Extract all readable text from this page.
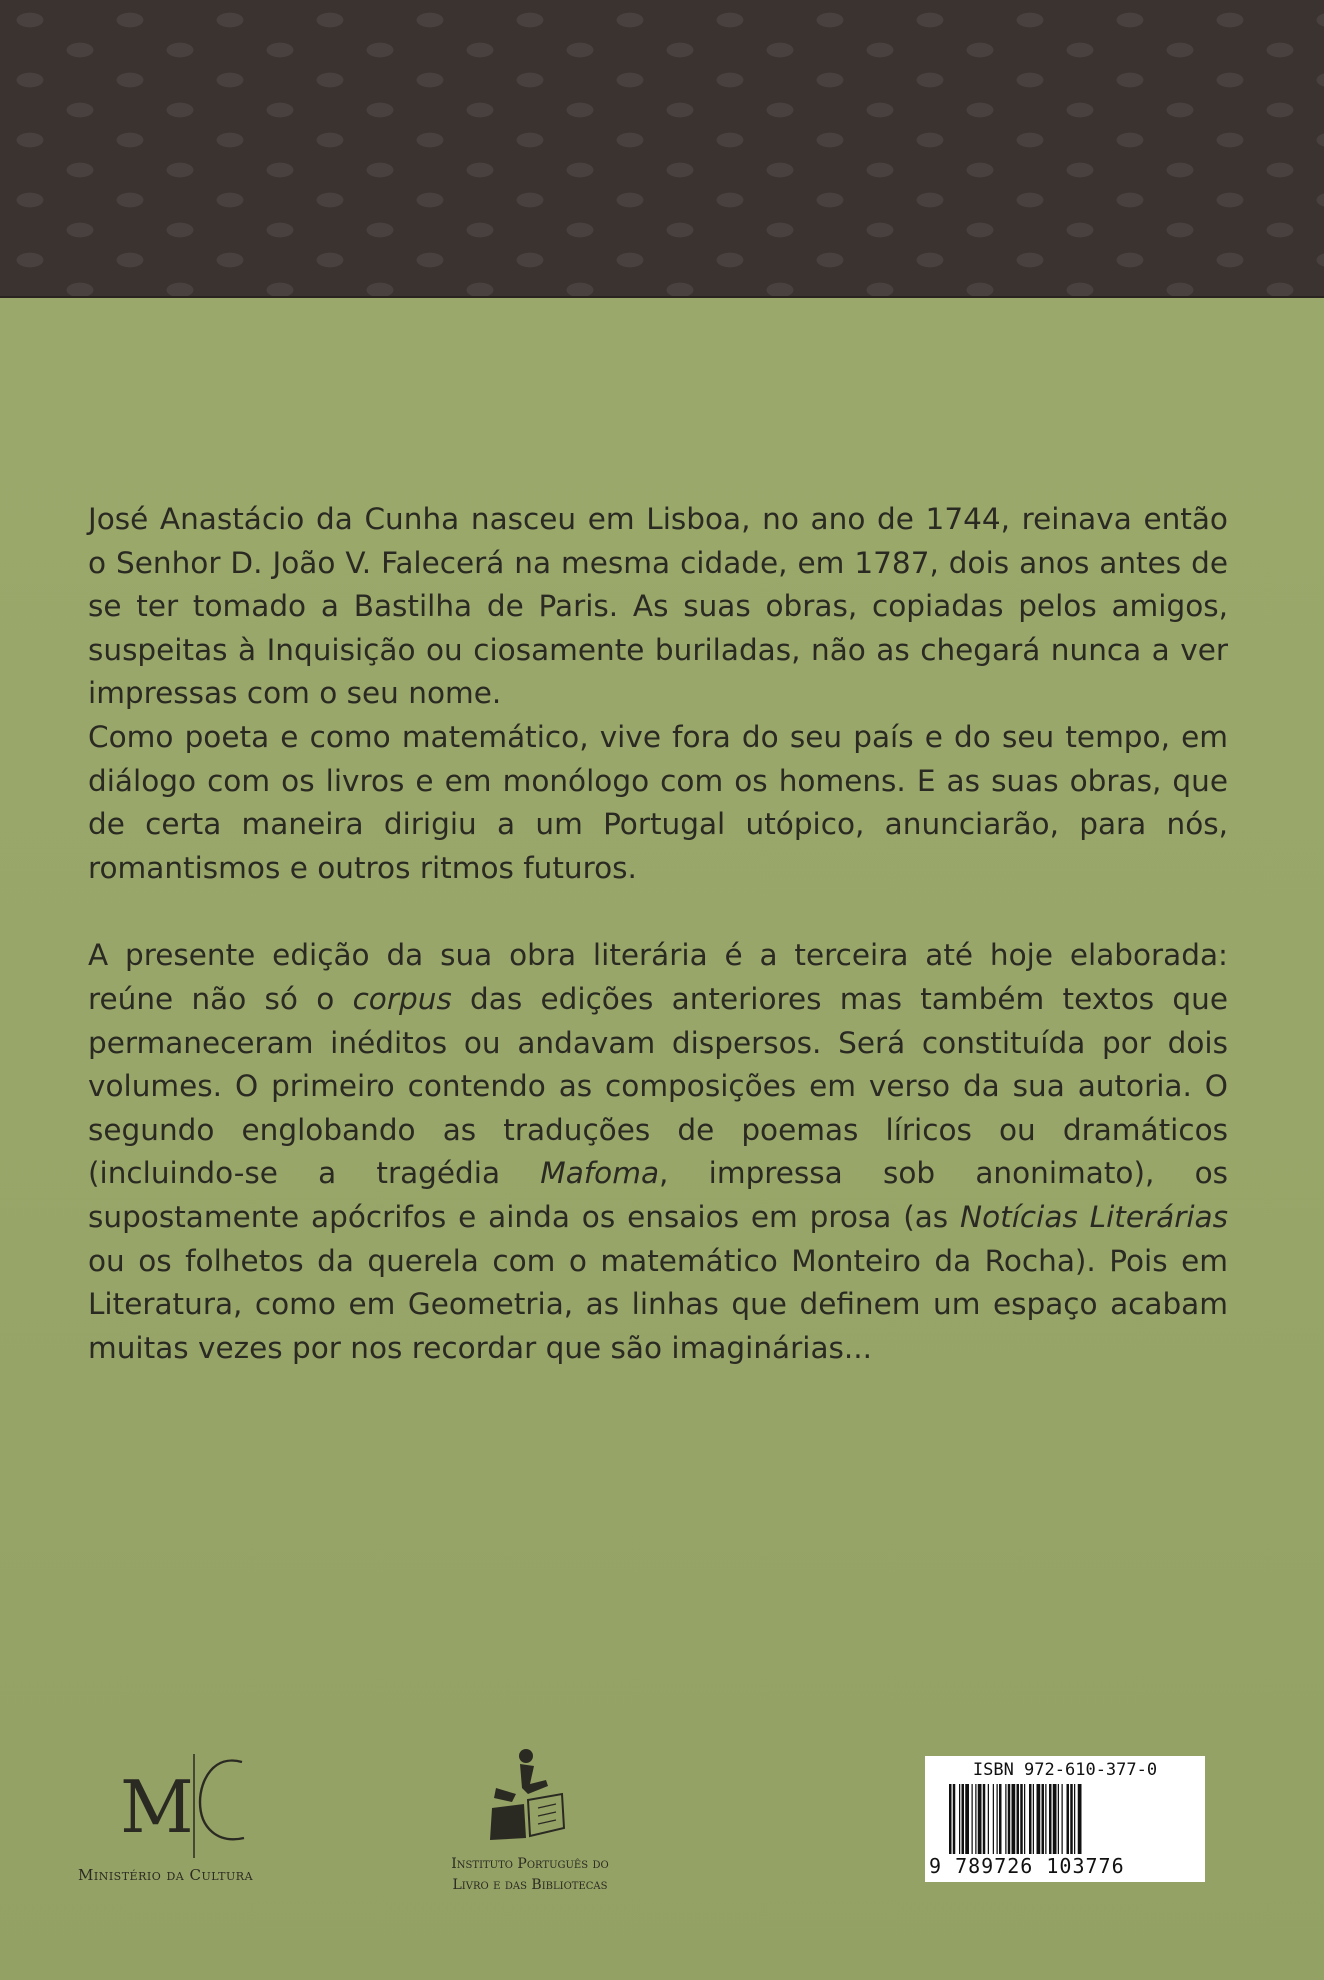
José Anastácio da Cunha nasceu em Lisboa, no ano de 1744, reinava então o Senhor D. João V. Falecerá na mesma cidade, em 1787, dois anos antes de se ter tomado a Bastilha de Paris. As suas obras, copiadas pelos amigos, suspeitas à Inquisição ou ciosamente buriladas, não as chegará nunca a ver impressas com o seu nome.

Como poeta e como matemático, vive fora do seu país e do seu tempo, em diálogo com os livros e em monólogo com os homens. E as suas obras, que de certa maneira dirigiu a um Portugal utópico, anunciarão, para nós, romantismos e outros ritmos futuros.

A presente edição da sua obra literária é a terceira até hoje elaborada: reúne não só o corpus das edições anteriores mas também textos que permaneceram inéditos ou andavam dispersos. Será constituída por dois volumes. O primeiro contendo as composições em verso da sua autoria. O segundo englobando as traduções de poemas líricos ou dramáticos (incluindo-se a tragédia Mafoma, impressa sob anonimato), os supostamente apócrifos e ainda os ensaios em prosa (as Notícias Literárias ou os folhetos da querela com o matemático Monteiro da Rocha). Pois em Literatura, como em Geometria, as linhas que definem um espaço acabam muitas vezes por nos recordar que são imaginárias...

M
Ministério da Cultura
Instituto Português do
Livro e das Bibliotecas
ISBN 972-610-377-0
9 789726 103776
